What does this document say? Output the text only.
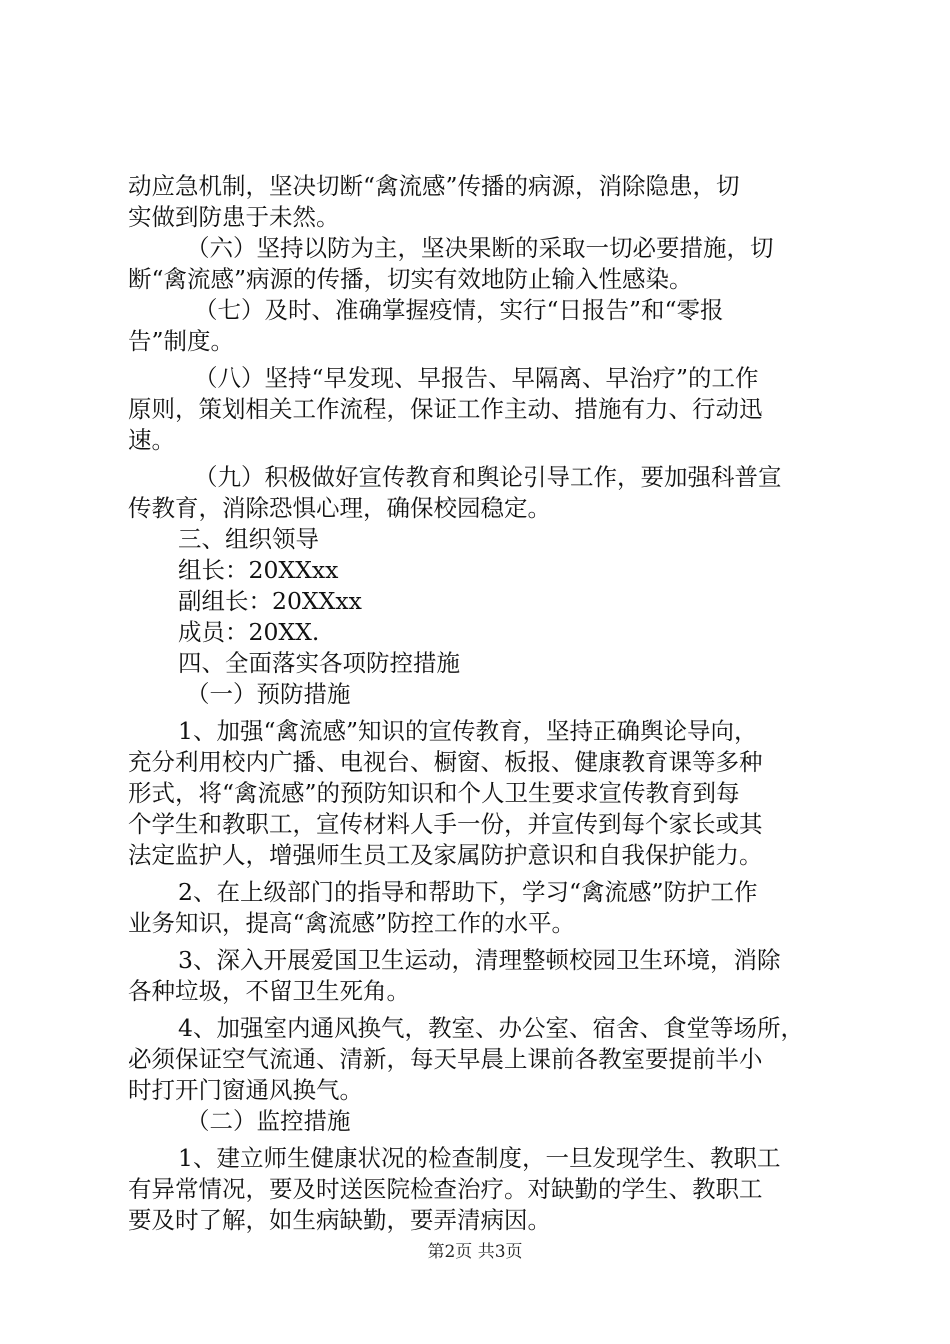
动应急机制，坚决切断“禽流感”传播的病源，消除隐患，切
实做到防患于未然。
（六）坚持以防为主，坚决果断的采取一切必要措施，切
断“禽流感”病源的传播，切实有效地防止输入性感染。
（七）及时、准确掌握疫情，实行“日报告”和“零报
告”制度。
（八）坚持“早发现、早报告、早隔离、早治疗”的工作
原则，策划相关工作流程，保证工作主动、措施有力、行动迅
速。
（九）积极做好宣传教育和舆论引导工作，要加强科普宣
传教育，消除恐惧心理，确保校园稳定。
三、组织领导
组长：20XXxx
副组长：20XXxx
成员：20XX.
四、全面落实各项防控措施
（一）预防措施
1、加强“禽流感”知识的宣传教育，坚持正确舆论导向，
充分利用校内广播、电视台、橱窗、板报、健康教育课等多种
形式，将“禽流感”的预防知识和个人卫生要求宣传教育到每
个学生和教职工，宣传材料人手一份，并宣传到每个家长或其
法定监护人，增强师生员工及家属防护意识和自我保护能力。
2、在上级部门的指导和帮助下，学习“禽流感”防护工作
业务知识，提高“禽流感”防控工作的水平。
3、深入开展爱国卫生运动，清理整顿校园卫生环境，消除
各种垃圾，不留卫生死角。
4、加强室内通风换气，教室、办公室、宿舍、食堂等场所，
必须保证空气流通、清新，每天早晨上课前各教室要提前半小
时打开门窗通风换气。
（二）监控措施
1、建立师生健康状况的检查制度，一旦发现学生、教职工
有异常情况，要及时送医院检查治疗。对缺勤的学生、教职工
要及时了解，如生病缺勤，要弄清病因。
第2页 共3页
